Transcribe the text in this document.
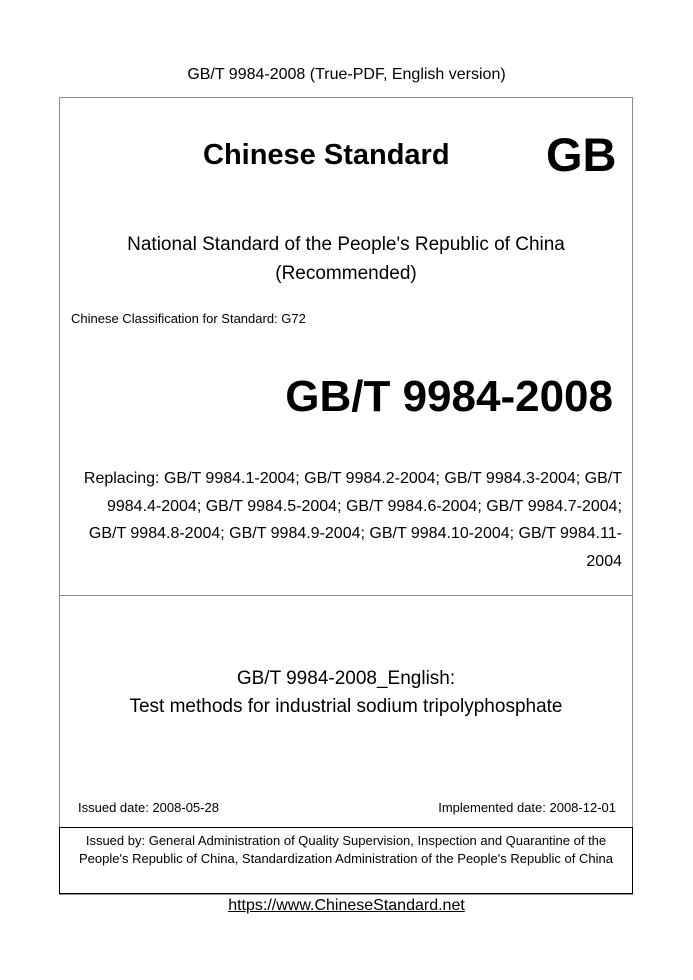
GB/T 9984-2008 (True-PDF, English version)
Chinese Standard GB
National Standard of the People's Republic of China
(Recommended)
Chinese Classification for Standard: G72
GB/T 9984-2008
Replacing: GB/T 9984.1-2004; GB/T 9984.2-2004; GB/T 9984.3-2004; GB/T 9984.4-2004; GB/T 9984.5-2004; GB/T 9984.6-2004; GB/T 9984.7-2004; GB/T 9984.8-2004; GB/T 9984.9-2004; GB/T 9984.10-2004; GB/T 9984.11-2004
GB/T 9984-2008_English:
Test methods for industrial sodium tripolyphosphate
Issued date: 2008-05-28	Implemented date: 2008-12-01
Issued by: General Administration of Quality Supervision, Inspection and Quarantine of the People's Republic of China, Standardization Administration of the People's Republic of China
https://www.ChineseStandard.net
